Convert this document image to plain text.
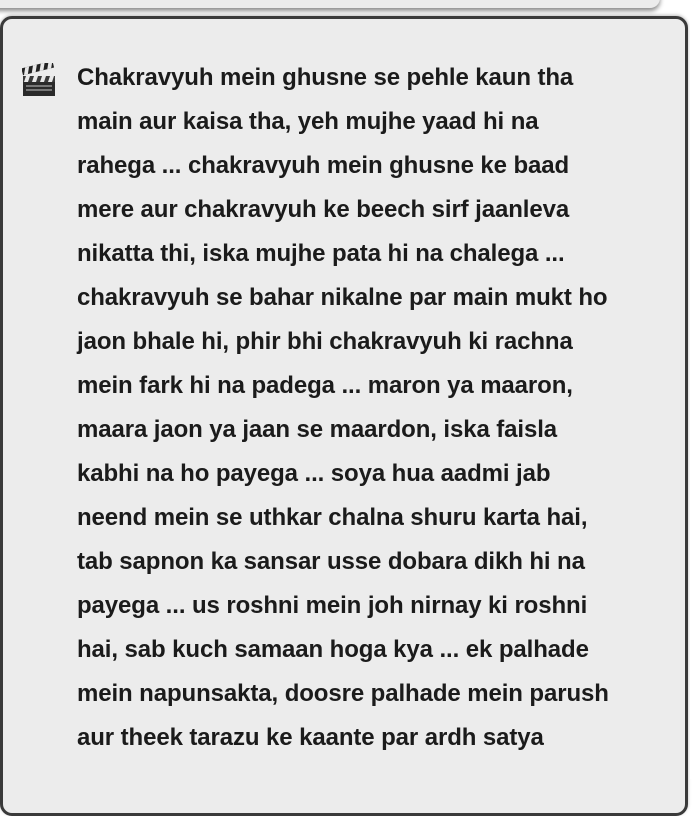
Chakravyuh mein ghusne se pehle kaun tha
main aur kaisa tha, yeh mujhe yaad hi na
rahega ... chakravyuh mein ghusne ke baad
mere aur chakravyuh ke beech sirf jaanleva
nikatta thi, iska mujhe pata hi na chalega ...
chakravyuh se bahar nikalne par main mukt ho
jaon bhale hi, phir bhi chakravyuh ki rachna
mein fark hi na padega ... maron ya maaron,
maara jaon ya jaan se maardon, iska faisla
kabhi na ho payega ... soya hua aadmi jab
neend mein se uthkar chalna shuru karta hai,
tab sapnon ka sansar usse dobara dikh hi na
payega ... us roshni mein joh nirnay ki roshni
hai, sab kuch samaan hoga kya ... ek palhade
mein napunsakta, doosre palhade mein parush
aur theek tarazu ke kaante par ardh satya
